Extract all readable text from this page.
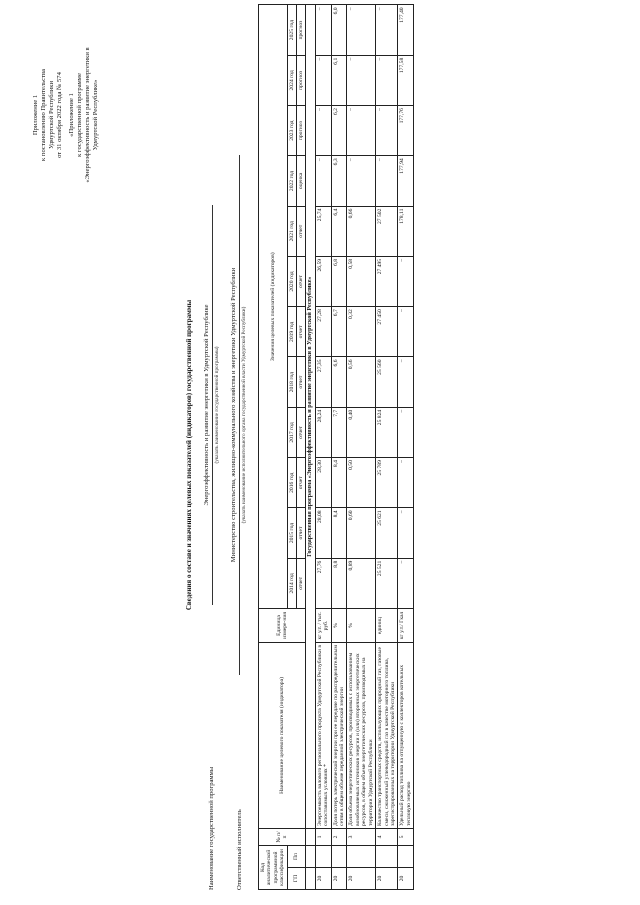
Приложение 1 к постановлению Правительства Удмуртской Республики от 31 октября 2022 года № 574 «Приложение 1 к государственной программе «Энергоэффективность и развитие энергетики в Удмуртской Республике»
Сведения о составе и значениях целевых показателей (индикаторов) государственной программы
Наименование государственной программы
Энергоэффективность и развитие энергетики в Удмуртской Республике (указать наименование государственной программы)
Ответственный исполнитель
Министерство строительства, жилищно-коммунального хозяйства и энергетики Удмуртской Республики (указать наименование исполнительного органа государственной власти Удмуртской Республики)
Код аналитической программной классификации		№ п/п	Наименование целевого показателя (индикатора)	Единица измере-ния	Значения целевых показателей (индикаторов)											
ГП	Пп				2014 год	2015 год	2016 год	2017 год	2018 год	2019 год	2020 год	2021 год	2022 год	2023 год	2024 год	2025 год
					отчет	отчет	отчет	отчет	отчет	отчет	отчет	отчет	оценка	прогноз	прогноз	прогноз
			Государственная программа «Энергоэффективность и развитие энергетики в Удмуртской Республике»													
20		1	Энергоемкость валового регионального продукта Удмуртской Республики в сопоставимых условиях *	кг у.т. / тыс. руб.	27,76	28,08	28,30	28,24	27,35	27,28	26,59	25,74	–	–	–	–
20		2	Доля потерь электрической энергии при ее передаче по распределительным сетям в общем объеме переданной электрической энергии	%	8,8	8,4	8,4	7,7	6,6	6,7	6,8	6,4	6,3	6,2	6,1	6,0
20		3	Доля объема энергетических ресурсов, производимых с использованием возобновляемых источников энергии и (или) вторичных энергетических ресурсов, в общем объеме энергетических ресурсов, производимых на территории Удмуртской Республики	%	0,89	0,60	0,50	0,40	0,56	0,32	0,58	0,66	–	–	–	–
20		4	Количество транспортных средств, использующих природный газ, газовые смеси, сжиженный углеводородный газ в качестве моторного топлива, зарегистрированных на территории Удмуртской Республики	единиц	25 521	25 621	25 789	25 824	25 560	27 450	27 495	27 502	–	–	–	–
20		5	Удельный расход топлива на отпущенную с коллекторов котельных тепловую энергию	кг у.т./ Гкал	–	–	–	–	–	–	–	178,11	177,94	177,76	177,58	177,40
